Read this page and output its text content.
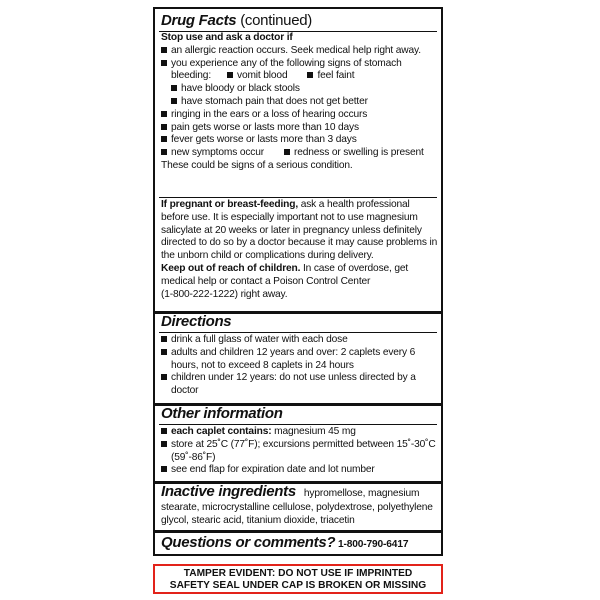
Drug Facts (continued)
Stop use and ask a doctor if
an allergic reaction occurs. Seek medical help right away.
you experience any of the following signs of stomach
bleeding:	vomit blood	feel faint
have bloody or black stools
have stomach pain that does not get better
ringing in the ears or a loss of hearing occurs
pain gets worse or lasts more than 10 days
fever gets worse or lasts more than 3 days
new symptoms occur	redness or swelling is present
These could be signs of a serious condition.
If pregnant or breast-feeding, ask a health professional
before use. It is especially important not to use magnesium
salicylate at 20 weeks or later in pregnancy unless definitely
directed to do so by a doctor because it may cause problems in
the unborn child or complications during delivery.
Keep out of reach of children. In case of overdose, get
medical help or contact a Poison Control Center
(1-800-222-1222) right away.
Directions
drink a full glass of water with each dose
adults and children 12 years and over: 2 caplets every 6
hours, not to exceed 8 caplets in 24 hours
children under 12 years: do not use unless directed by a
doctor
Other information
each caplet contains: magnesium 45 mg
store at 25˚C (77˚F); excursions permitted between 15˚-30˚C
(59˚-86˚F)
see end flap for expiration date and lot number
Inactive ingredients hypromellose, magnesium
stearate, microcrystalline cellulose, polydextrose, polyethylene
glycol, stearic acid, titanium dioxide, triacetin
Questions or comments? 1-800-790-6417
TAMPER EVIDENT: DO NOT USE IF IMPRINTED
SAFETY SEAL UNDER CAP IS BROKEN OR MISSING
